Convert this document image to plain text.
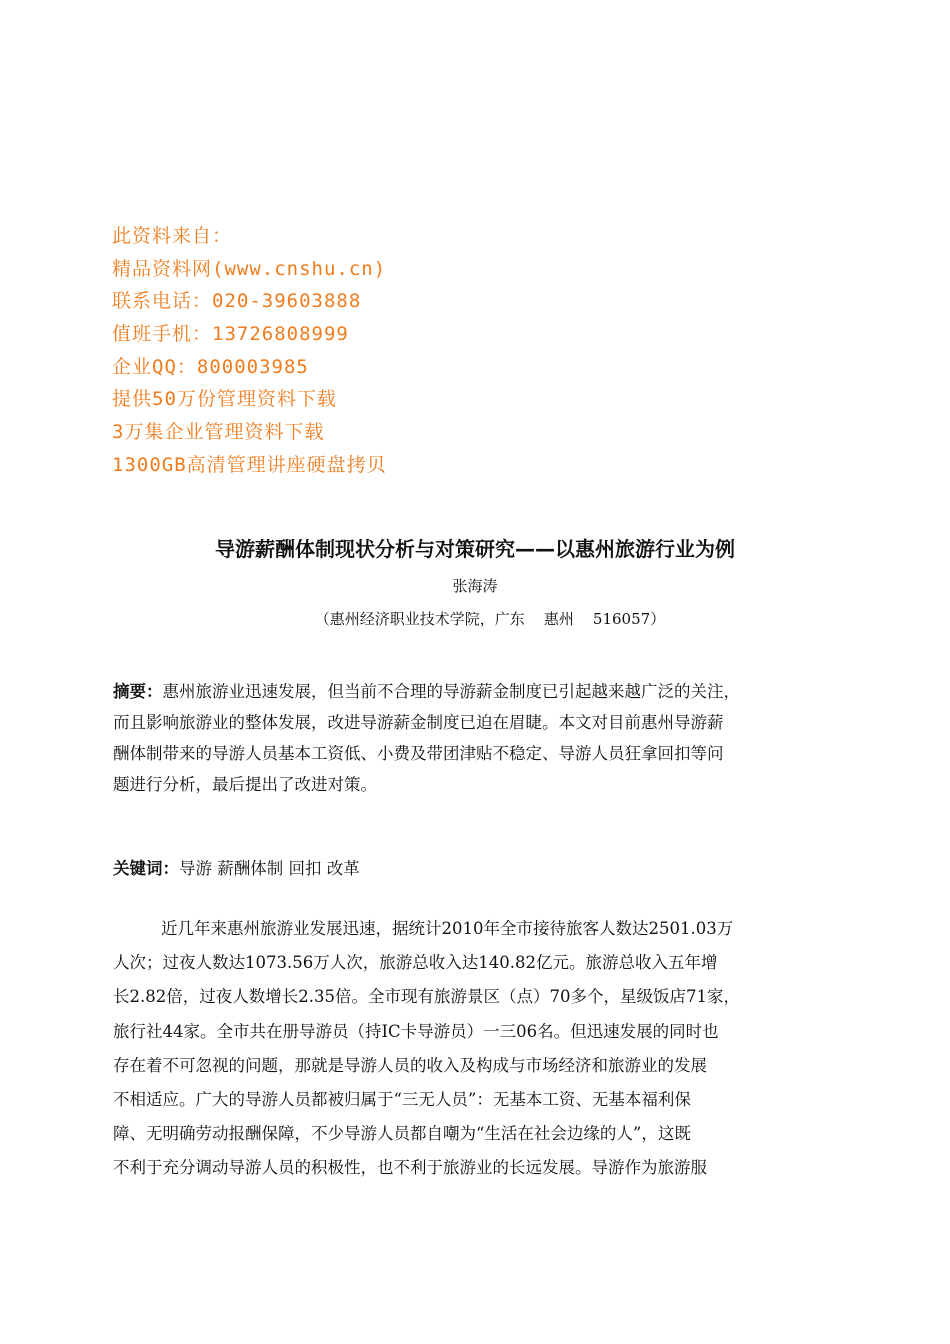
此资料来自：
精品资料网(www.cnshu.cn)
联系电话：020-39603888
值班手机：13726808999
企业QQ：800003985
提供50万份管理资料下载
3万集企业管理资料下载
1300GB高清管理讲座硬盘拷贝
导游薪酬体制现状分析与对策研究——以惠州旅游行业为例
张海涛
（惠州经济职业技术学院，广东    惠州    516057）

摘要：惠州旅游业迅速发展，但当前不合理的导游薪金制度已引起越来越广泛的关注，

而且影响旅游业的整体发展，改进导游薪金制度已迫在眉睫。本文对目前惠州导游薪

酬体制带来的导游人员基本工资低、小费及带团津贴不稳定、导游人员狂拿回扣等问

题进行分析，最后提出了改进对策。

关键词：导游 薪酬体制 回扣 改革

近几年来惠州旅游业发展迅速，据统计2010年全市接待旅客人数达2501.03万

人次；过夜人数达1073.56万人次，旅游总收入达140.82亿元。旅游总收入五年增

长2.82倍，过夜人数增长2.35倍。全市现有旅游景区（点）70多个，星级饭店71家，

旅行社44家。全市共在册导游员（持IC卡导游员）一三06名。但迅速发展的同时也

存在着不可忽视的问题，那就是导游人员的收入及构成与市场经济和旅游业的发展

不相适应。广大的导游人员都被归属于“三无人员”：无基本工资、无基本福利保

障、无明确劳动报酬保障，不少导游人员都自嘲为“生活在社会边缘的人”，这既

不利于充分调动导游人员的积极性，也不利于旅游业的长远发展。导游作为旅游服
